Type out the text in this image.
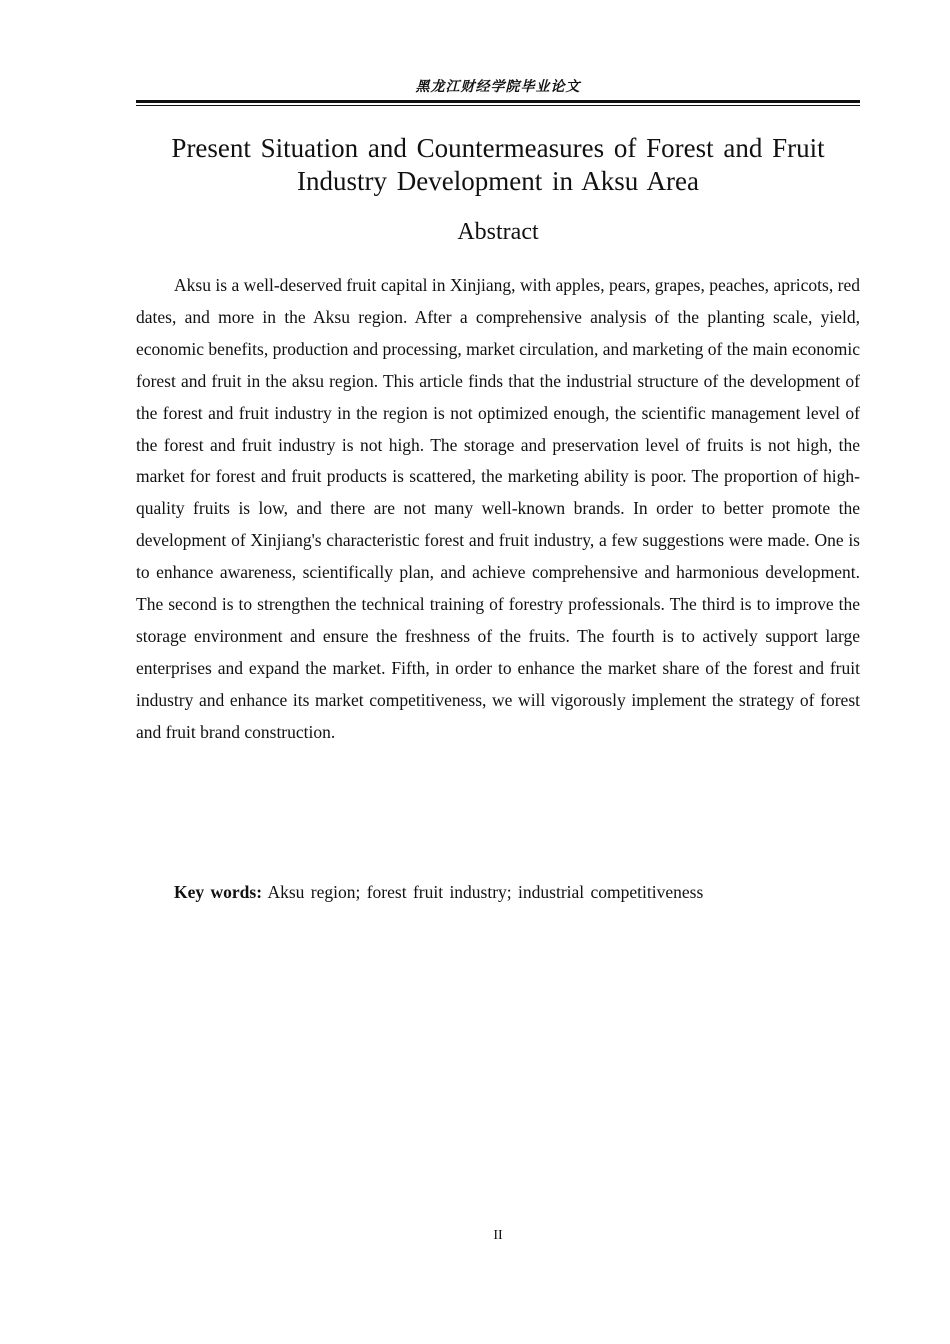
黑龙江财经学院毕业论文
Present Situation and Countermeasures of Forest and Fruit Industry Development in Aksu Area
Abstract

Aksu is a well-deserved fruit capital in Xinjiang, with apples, pears, grapes, peaches, apricots, red dates, and more in the Aksu region. After a comprehensive analysis of the planting scale, yield, economic benefits, production and processing, market circulation, and marketing of the main economic forest and fruit in the aksu region. This article finds that the industrial structure of the development of the forest and fruit industry in the region is not optimized enough, the scientific management level of the forest and fruit industry is not high. The storage and preservation level of fruits is not high, the market for forest and fruit products is scattered, the marketing ability is poor. The proportion of high-quality fruits is low, and there are not many well-known brands. In order to better promote the development of Xinjiang's characteristic forest and fruit industry, a few suggestions were made. One is to enhance awareness, scientifically plan, and achieve comprehensive and harmonious development. The second is to strengthen the technical training of forestry professionals. The third is to improve the storage environment and ensure the freshness of the fruits. The fourth is to actively support large enterprises and expand the market. Fifth, in order to enhance the market share of the forest and fruit industry and enhance its market competitiveness, we will vigorously implement the strategy of forest and fruit brand construction.

Key words: Aksu region; forest fruit industry; industrial competitiveness

II
